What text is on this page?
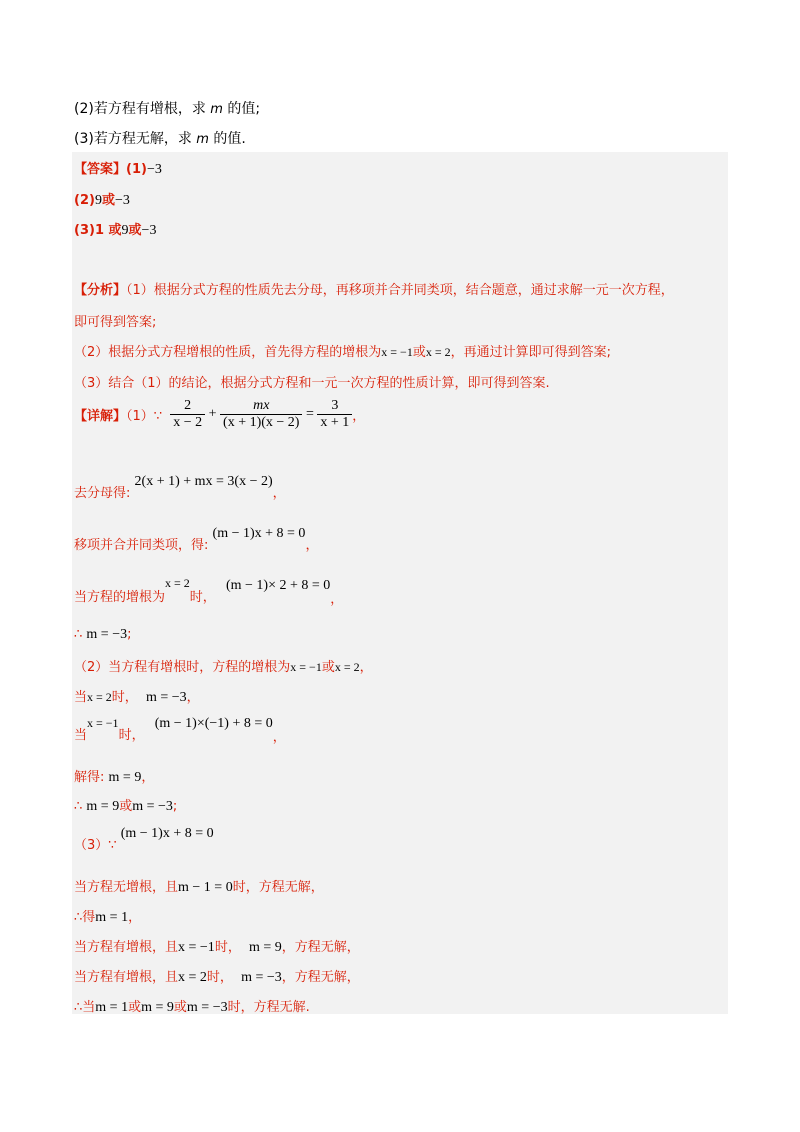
(2)若方程有增根，求 m 的值;
(3)若方程无解，求 m 的值.
【答案】(1)−3
(2)9或−3
(3)1 或9或−3
【分析】（1）根据分式方程的性质先去分母，再移项并合并同类项，结合题意，通过求解一元一次方程，
即可得到答案;
（2）根据分式方程增根的性质，首先得方程的增根为x = −1或x = 2，再通过计算即可得到答案;
（3）结合（1）的结论，根据分式方程和一元一次方程的性质计算，即可得到答案.
【详解】（1）∵ $\frac{2}{x - 2} + \frac{mx}{(x + 1)(x - 2)} = \frac{3}{x + 1}$ ，
去分母得: 2(x + 1) + mx = 3(x − 2)，
移项并合并同类项，得: (m − 1)x + 8 = 0，
当方程的增根为x = 2时， (m − 1)× 2 + 8 = 0，
∴ m = −3;
（2）当方程有增根时，方程的增根为x = −1或x = 2，
当x = 2时， m = −3，
当x = −1时， (m − 1)×(−1) + 8 = 0，
解得: m = 9，
∴ m = 9或m = −3;
（3）∵ (m − 1)x + 8 = 0
当方程无增根，且m − 1 = 0时，方程无解，
∴得m = 1，
当方程有增根，且x = −1时， m = 9，方程无解，
当方程有增根，且x = 2时， m = −3，方程无解，
∴当m = 1或m = 9或m = −3时，方程无解.
